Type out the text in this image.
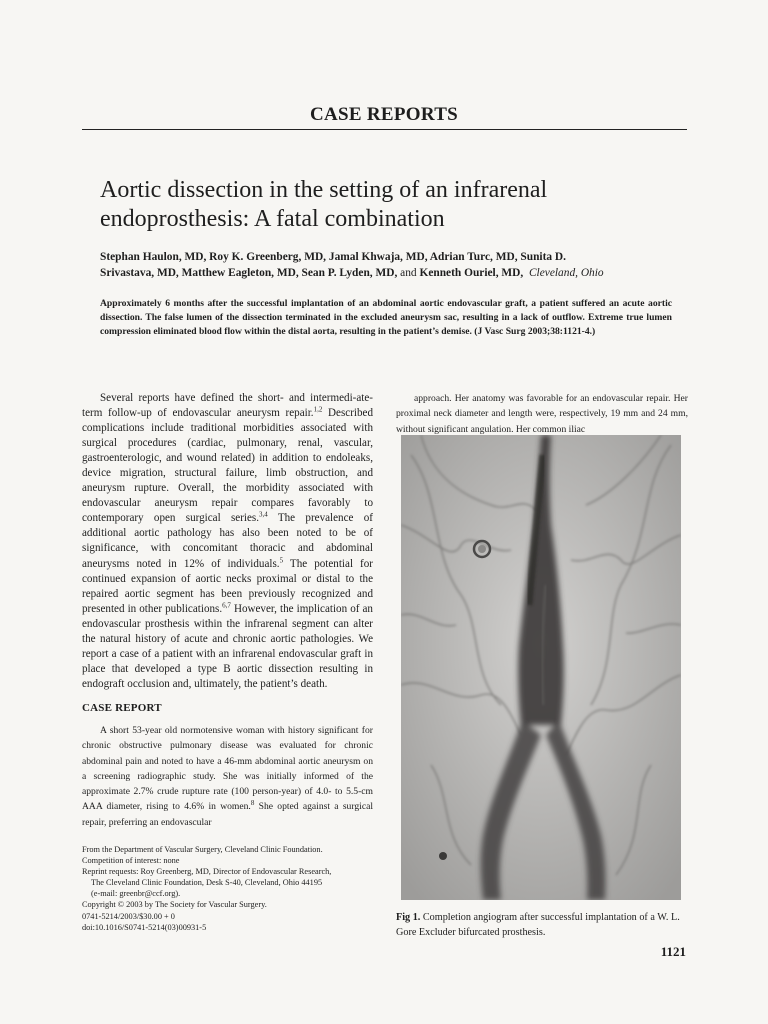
CASE REPORTS
Aortic dissection in the setting of an infrarenal
endoprosthesis: A fatal combination
Stephan Haulon, MD, Roy K. Greenberg, MD, Jamal Khwaja, MD, Adrian Turc, MD, Sunita D.
Srivastava, MD, Matthew Eagleton, MD, Sean P. Lyden, MD, and Kenneth Ouriel, MD, Cleveland, Ohio
Approximately 6 months after the successful implantation of an abdominal aortic endovascular graft, a patient suffered an acute aortic dissection. The false lumen of the dissection terminated in the excluded aneurysm sac, resulting in a lack of outflow. Extreme true lumen compression eliminated blood flow within the distal aorta, resulting in the patient’s demise. (J Vasc Surg 2003;38:1121-4.)

Several reports have defined the short- and intermedi-ate-term follow-up of endovascular aneurysm repair.$^{1,2}$ Described complications include traditional morbidities associated with surgical procedures (cardiac, pulmonary, renal, vascular, gastroenterologic, and wound related) in addition to endoleaks, device migration, structural failure, limb obstruction, and aneurysm rupture. Overall, the morbidity associated with endovascular aneurysm repair compares favorably to contemporary open surgical series.$^{3,4}$ The prevalence of additional aortic pathology has also been noted to be of significance, with concomitant thoracic and abdominal aneurysms noted in 12% of individuals.$^5$ The potential for continued expansion of aortic necks proximal or distal to the repaired aortic segment has been previously recognized and presented in other publications.$^{6,7}$ However, the implication of an endovascular prosthesis within the infrarenal segment can alter the natural history of acute and chronic aortic pathologies. We report a case of a patient with an infrarenal endovascular graft in place that developed a type B aortic dissection resulting in endograft occlusion and, ultimately, the patient’s death.

CASE REPORT

A short 53-year old normotensive woman with history significant for chronic obstructive pulmonary disease was evaluated for chronic abdominal pain and noted to have a 46-mm abdominal aortic aneurysm on a screening radiographic study. She was initially informed of the approximate 2.7% crude rupture rate (100 person-year) of 4.0- to 5.5-cm AAA diameter, rising to 4.6% in women.$^8$ She opted against a surgical repair, preferring an endovascular

From the Department of Vascular Surgery, Cleveland Clinic Foundation.
Competition of interest: none
Reprint requests: Roy Greenberg, MD, Director of Endovascular Research,
The Cleveland Clinic Foundation, Desk S-40, Cleveland, Ohio 44195
(e-mail: greenbr@ccf.org).
Copyright © 2003 by The Society for Vascular Surgery.
0741-5214/2003/$30.00 + 0
doi:10.1016/S0741-5214(03)00931-5

approach. Her anatomy was favorable for an endovascular repair. Her proximal neck diameter and length were, respectively, 19 mm and 24 mm, without significant angulation. Her common iliac

Fig 1. Completion angiogram after successful implantation of a W. L. Gore Excluder bifurcated prosthesis.
1121
